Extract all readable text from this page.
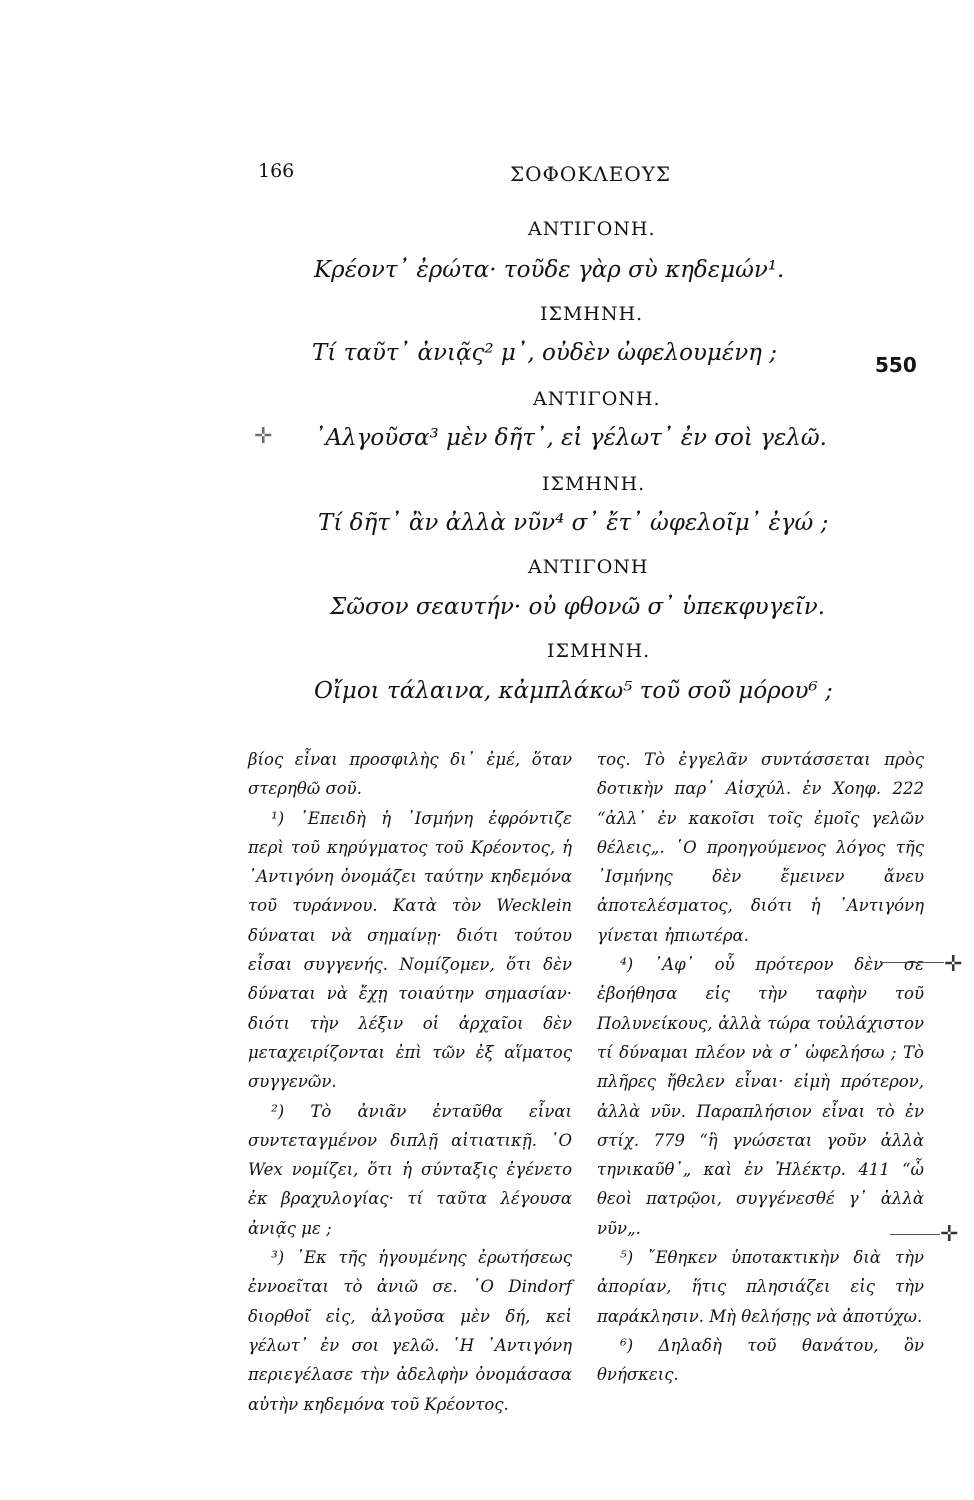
166	ΣΟΦΟΚΛΕΟΥΣ
550
ΑΝΤΙΓΟΝΗ.
Κρέοντ᾽ ἐρώτα· τοῦδε γὰρ σὺ κηδεμών¹.
ΙΣΜΗΝΗ.
Τί ταῦτ᾽ ἀνιᾷς² μ᾽, οὐδὲν ὠφελουμένη ;
ΑΝΤΙΓΟΝΗ.
᾽Αλγοῦσα³ μὲν δῆτ᾽, εἰ γέλωτ᾽ ἐν σοὶ γελῶ.
ΙΣΜΗΝΗ.
Τί δῆτ᾽ ἂν ἀλλὰ νῦν⁴ σ᾽ ἔτ᾽ ὠφελοῖμ᾽ ἐγώ ;
ΑΝΤΙΓΟΝΗ
Σῶσον σεαυτήν· οὐ φθονῶ σ᾽ ὑπεκφυγεῖν.
ΙΣΜΗΝΗ.
Οἴμοι τάλαινα, κἀμπλάκω⁵ τοῦ σοῦ μόρου⁶ ;

βίος εἶναι προσφιλὴς δι᾽ ἐμέ, ὅταν στερηθῶ σοῦ.

¹) ᾽Επειδὴ ἡ ᾽Ισμήνη ἐφρόντιζε περὶ τοῦ κηρύγματος τοῦ Κρέοντος, ἡ ᾽Αντιγόνη ὀνομάζει ταύτην κηδεμόνα τοῦ τυράννου. Κατὰ τὸν Wecklein δύναται νὰ σημαίνῃ· διότι τούτου εἶσαι συγγενής. Νομίζομεν, ὅτι δὲν δύναται νὰ ἔχῃ τοιαύτην σημασίαν· διότι τὴν λέξιν οἱ ἀρχαῖοι δὲν μεταχειρίζονται ἐπὶ τῶν ἐξ αἵματος συγγενῶν.

²) Τὸ ἀνιᾶν ἐνταῦθα εἶναι συντεταγμένον διπλῇ αἰτιατικῇ. ῾Ο Wex νομίζει, ὅτι ἡ σύνταξις ἐγένετο ἐκ βραχυλογίας· τί ταῦτα λέγουσα ἀνιᾷς με ;

³) ᾽Εκ τῆς ἡγουμένης ἐρωτήσεως ἐννοεῖται τὸ ἀνιῶ σε. ῾Ο Dindorf διορθοῖ εἰς, ἀλγοῦσα μὲν δή, κεἰ γέλωτ᾽ ἐν σοι γελῶ. ῾Η ᾽Αντιγόνη περιεγέλασε τὴν ἀδελφὴν ὀνομάσασα αὐτὴν κηδεμόνα τοῦ Κρέοντος.

τος. Τὸ ἐγγελᾶν συντάσσεται πρὸς δοτικὴν παρ᾽ Αἰσχύλ. ἐν Χοηφ. 222 “ἀλλ᾽ ἐν κακοῖσι τοῖς ἐμοῖς γελῶν θέλεις„. ῾Ο προηγούμενος λόγος τῆς ᾽Ισμήνης δὲν ἔμεινεν ἄνευ ἀποτελέσματος, διότι ἡ ᾽Αντιγόνη γίνεται ἠπιωτέρα.

⁴) ᾽Αφ᾽ οὗ πρότερον δὲν σε ἐβοήθησα εἰς τὴν ταφὴν τοῦ Πολυνείκους, ἀλλὰ τώρα τοὐλάχιστον τί δύναμαι πλέον νὰ σ᾽ ὠφελήσω ; Τὸ πλῆρες ἤθελεν εἶναι· εἰμὴ πρότερον, ἀλλὰ νῦν. Παραπλήσιον εἶναι τὸ ἐν στίχ. 779 “ἢ γνώσεται γοῦν ἀλλὰ τηνικαῦθ᾽„ καὶ ἐν Ἠλέκτρ. 411 “ὦ θεοὶ πατρῷοι, συγγένεσθέ γ᾽ ἀλλὰ νῦν„.

⁵) ῎Εθηκεν ὑποτακτικὴν διὰ τὴν ἀπορίαν, ἥτις πλησιάζει εἰς τὴν παράκλησιν. Μὴ θελήσῃς νὰ ἀποτύχω.

⁶) Δηλαδὴ τοῦ θανάτου, ὃν θνήσκεις.

✛
✛
✛
